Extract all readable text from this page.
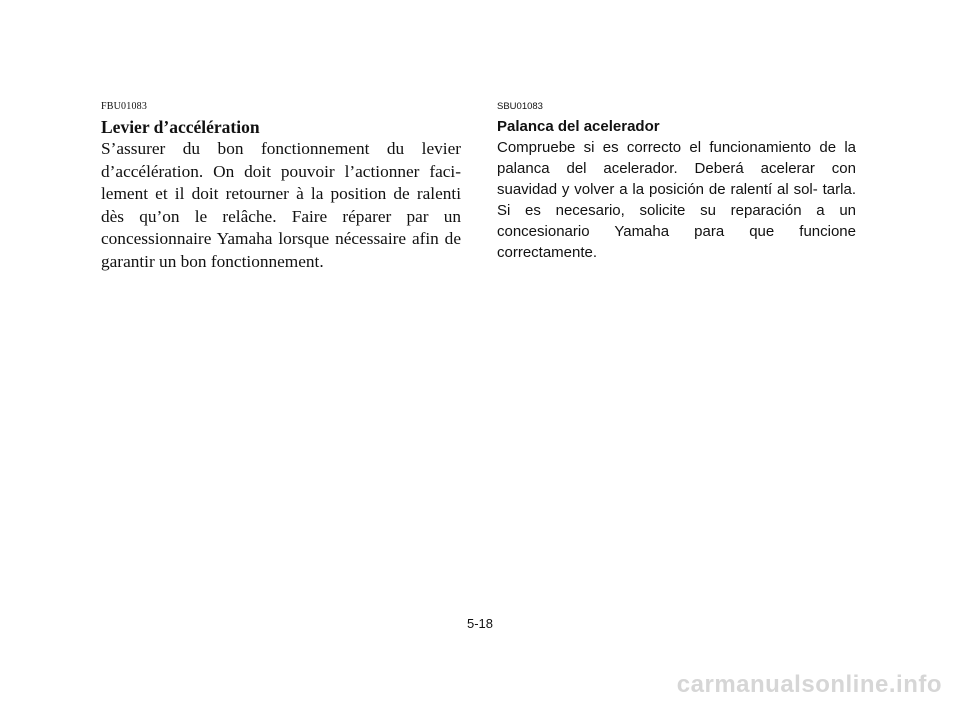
FBU01083
Levier d’accélération

S’assurer du bon fonctionnement du levier d’accélération. On doit pouvoir l’actionner faci- lement et il doit retourner à la position de ralenti dès qu’on le relâche. Faire réparer par un concessionnaire Yamaha lorsque nécessaire afin de garantir un bon fonctionnement.

SBU01083
Palanca del acelerador

Compruebe si es correcto el funcionamiento de la palanca del acelerador. Deberá acelerar con suavidad y volver a la posición de ralentí al sol- tarla. Si es necesario, solicite su reparación a un concesionario Yamaha para que funcione correctamente.

5-18
carmanualsonline.info
